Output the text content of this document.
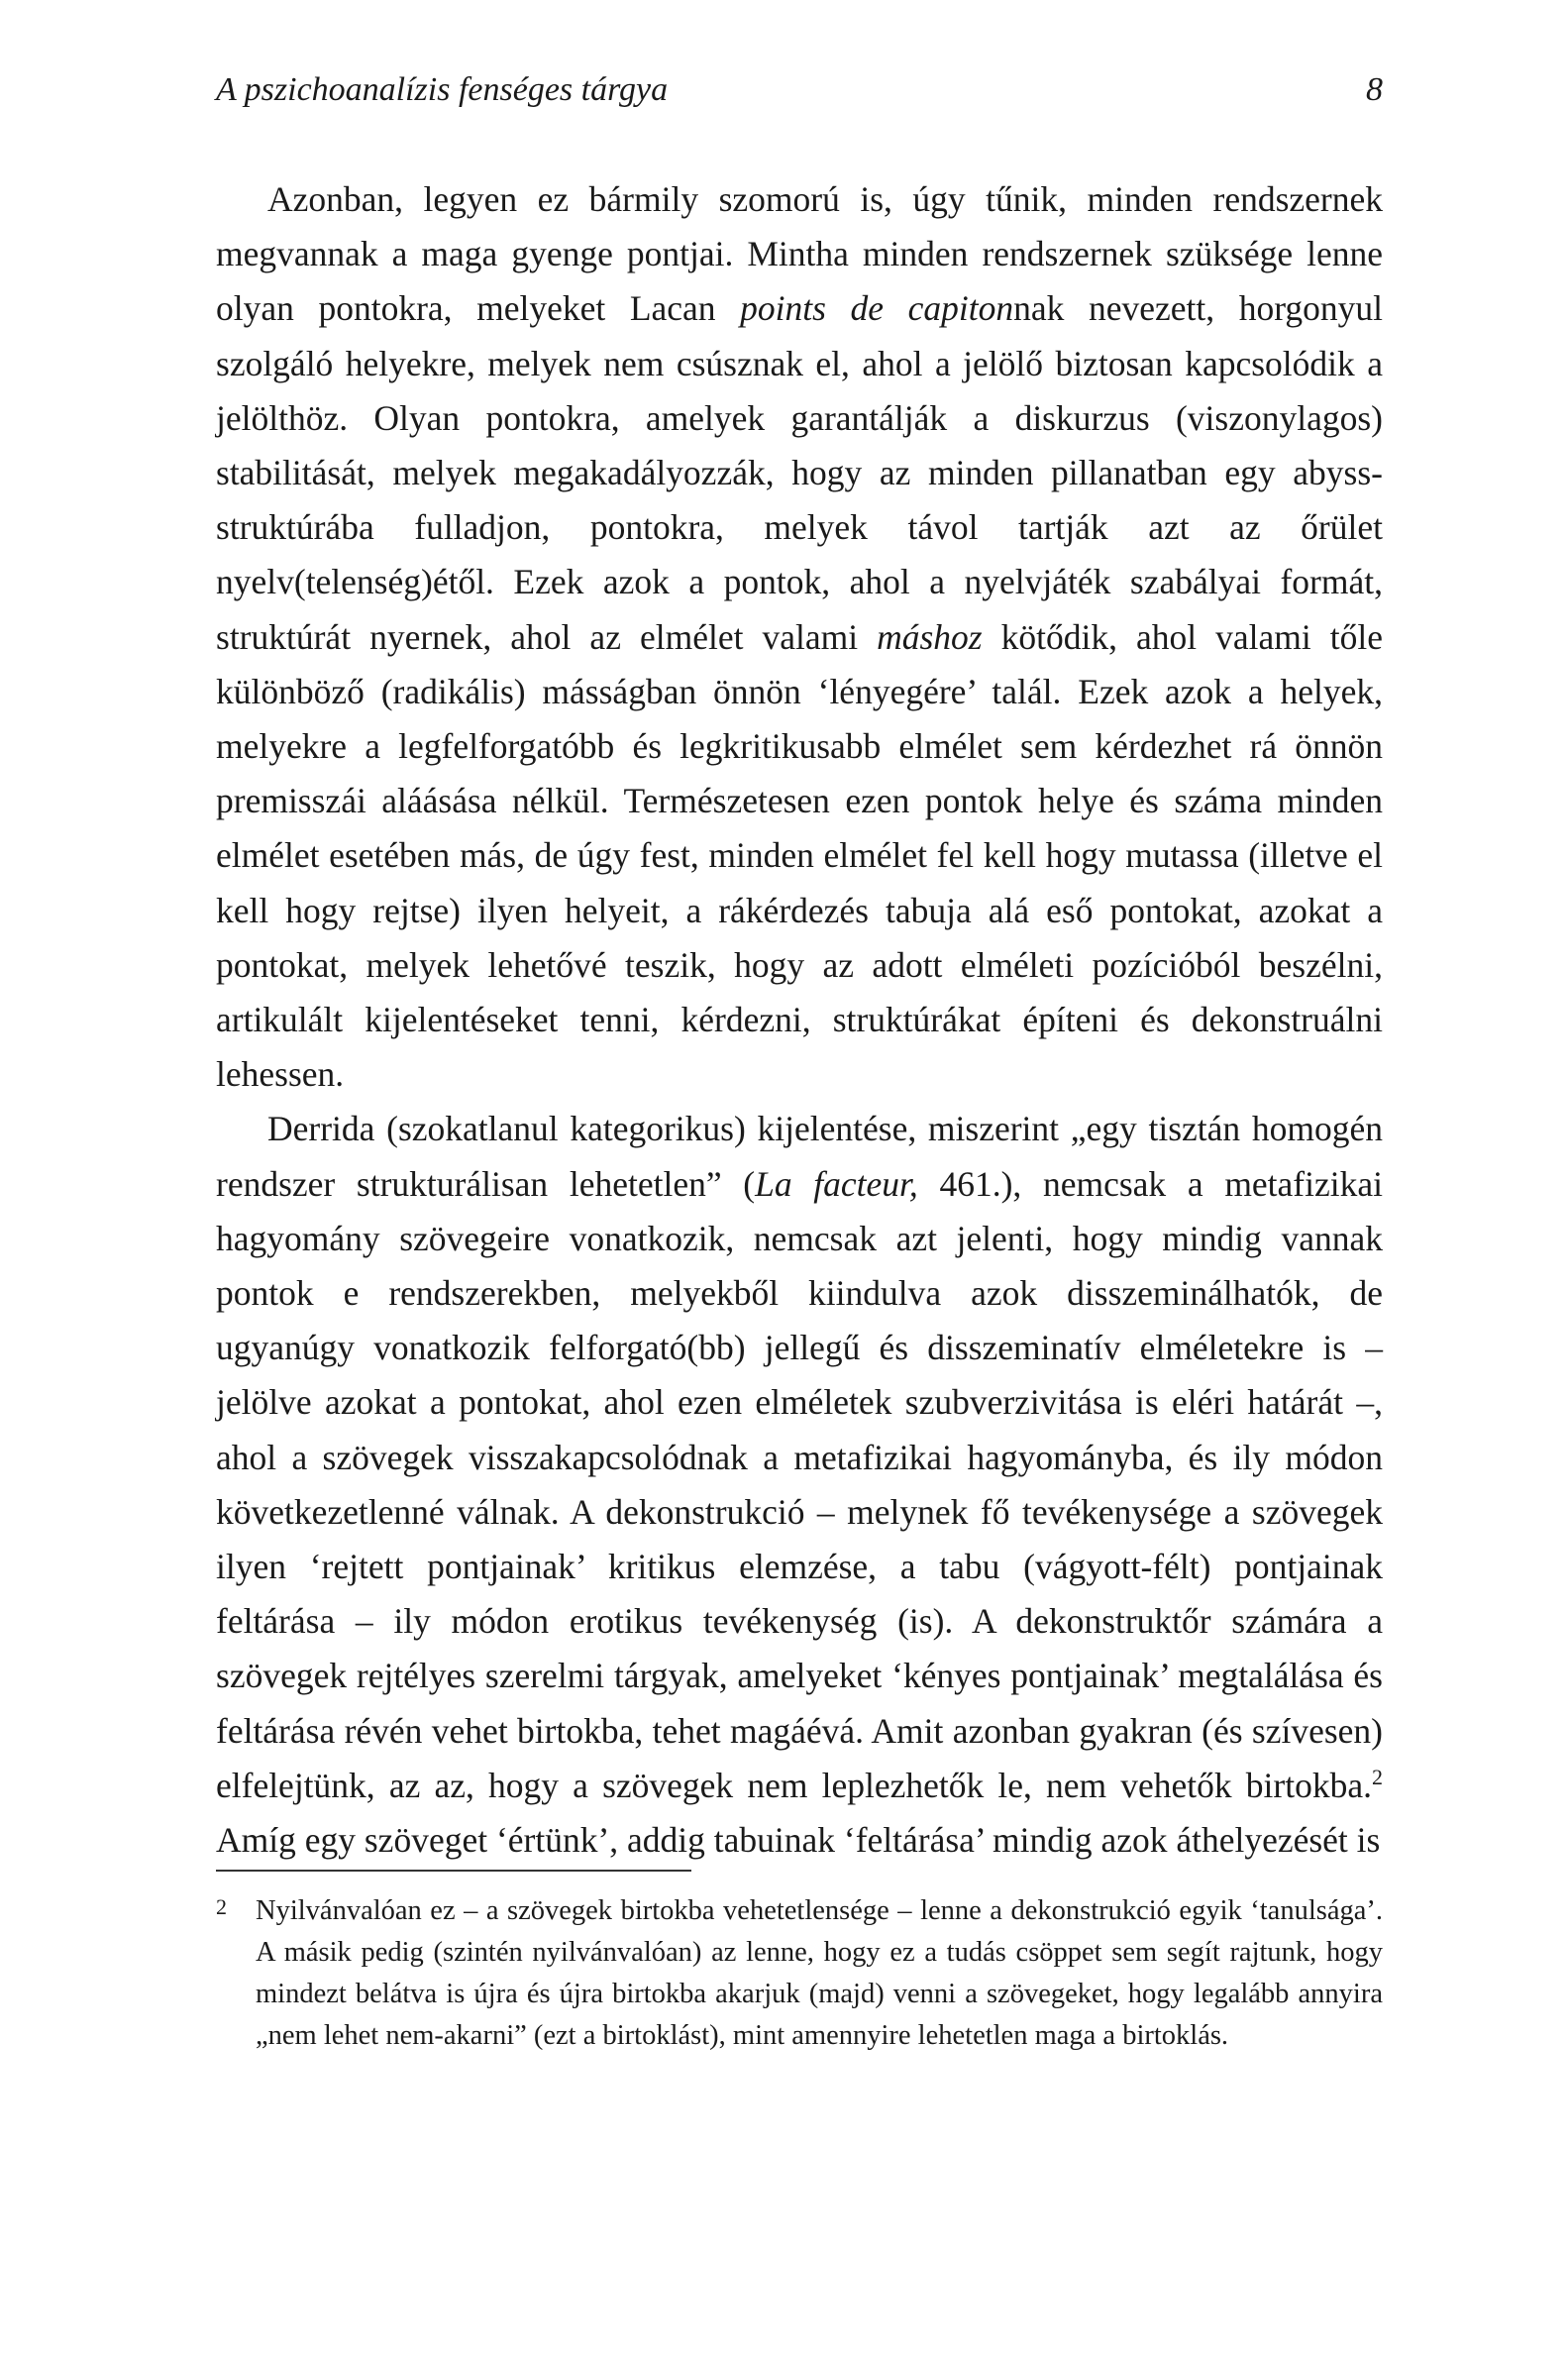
A pszichoanalízis fenséges tárgya	8

Azonban, legyen ez bármily szomorú is, úgy tűnik, minden rendszernek megvannak a maga gyenge pontjai. Mintha minden rendszernek szüksége lenne olyan pontokra, melyeket Lacan points de capitonnak nevezett, horgonyul szolgáló helyekre, melyek nem csúsznak el, ahol a jelölő biztosan kapcsolódik a jelölthöz. Olyan pontokra, amelyek garantálják a diskurzus (viszonylagos) stabilitását, melyek megakadályozzák, hogy az minden pillanatban egy abyss-struktúrába fulladjon, pontokra, melyek távol tartják azt az őrület nyelv(telenség)étől. Ezek azok a pontok, ahol a nyelvjáték szabályai formát, struktúrát nyernek, ahol az elmélet valami máshoz kötődik, ahol valami tőle különböző (radikális) másságban önnön ‘lényegére’ talál. Ezek azok a helyek, melyekre a legfelforgatóbb és legkritikusabb elmélet sem kérdezhet rá önnön premisszái aláásása nélkül. Természetesen ezen pontok helye és száma minden elmélet esetében más, de úgy fest, minden elmélet fel kell hogy mutassa (illetve el kell hogy rejtse) ilyen helyeit, a rákérdezés tabuja alá eső pontokat, azokat a pontokat, melyek lehetővé teszik, hogy az adott elméleti pozícióból beszélni, artikulált kijelentéseket tenni, kérdezni, struktúrákat építeni és dekonstruálni lehessen.

Derrida (szokatlanul kategorikus) kijelentése, miszerint „egy tisztán homogén rendszer strukturálisan lehetetlen” (La facteur, 461.), nemcsak a metafizikai hagyomány szövegeire vonatkozik, nemcsak azt jelenti, hogy mindig vannak pontok e rendszerekben, melyekből kiindulva azok disszeminálhatók, de ugyanúgy vonatkozik felforgató(bb) jellegű és disszeminatív elméletekre is – jelölve azokat a pontokat, ahol ezen elméletek szubverzivitása is eléri határát –, ahol a szövegek visszakapcsolódnak a metafizikai hagyományba, és ily módon következetlenné válnak. A dekonstrukció – melynek fő tevékenysége a szövegek ilyen ‘rejtett pontjainak’ kritikus elemzése, a tabu (vágyott-félt) pontjainak feltárása – ily módon erotikus tevékenység (is). A dekonstruktőr számára a szövegek rejtélyes szerelmi tárgyak, amelyeket ‘kényes pontjainak’ megtalálása és feltárása révén vehet birtokba, tehet magáévá. Amit azonban gyakran (és szívesen) elfelejtünk, az az, hogy a szövegek nem leplezhetők le, nem vehetők birtokba.$^2$ Amíg egy szöveget ‘értünk’, addig tabuinak ‘feltárása’ mindig azok áthelyezését is

2 Nyilvánvalóan ez – a szövegek birtokba vehetetlensége – lenne a dekonstrukció egyik ‘tanulsága’. A másik pedig (szintén nyilvánvalóan) az lenne, hogy ez a tudás csöppet sem segít rajtunk, hogy mindezt belátva is újra és újra birtokba akarjuk (majd) venni a szövegeket, hogy legalább annyira „nem lehet nem-akarni” (ezt a birtoklást), mint amennyire lehetetlen maga a birtoklás.
